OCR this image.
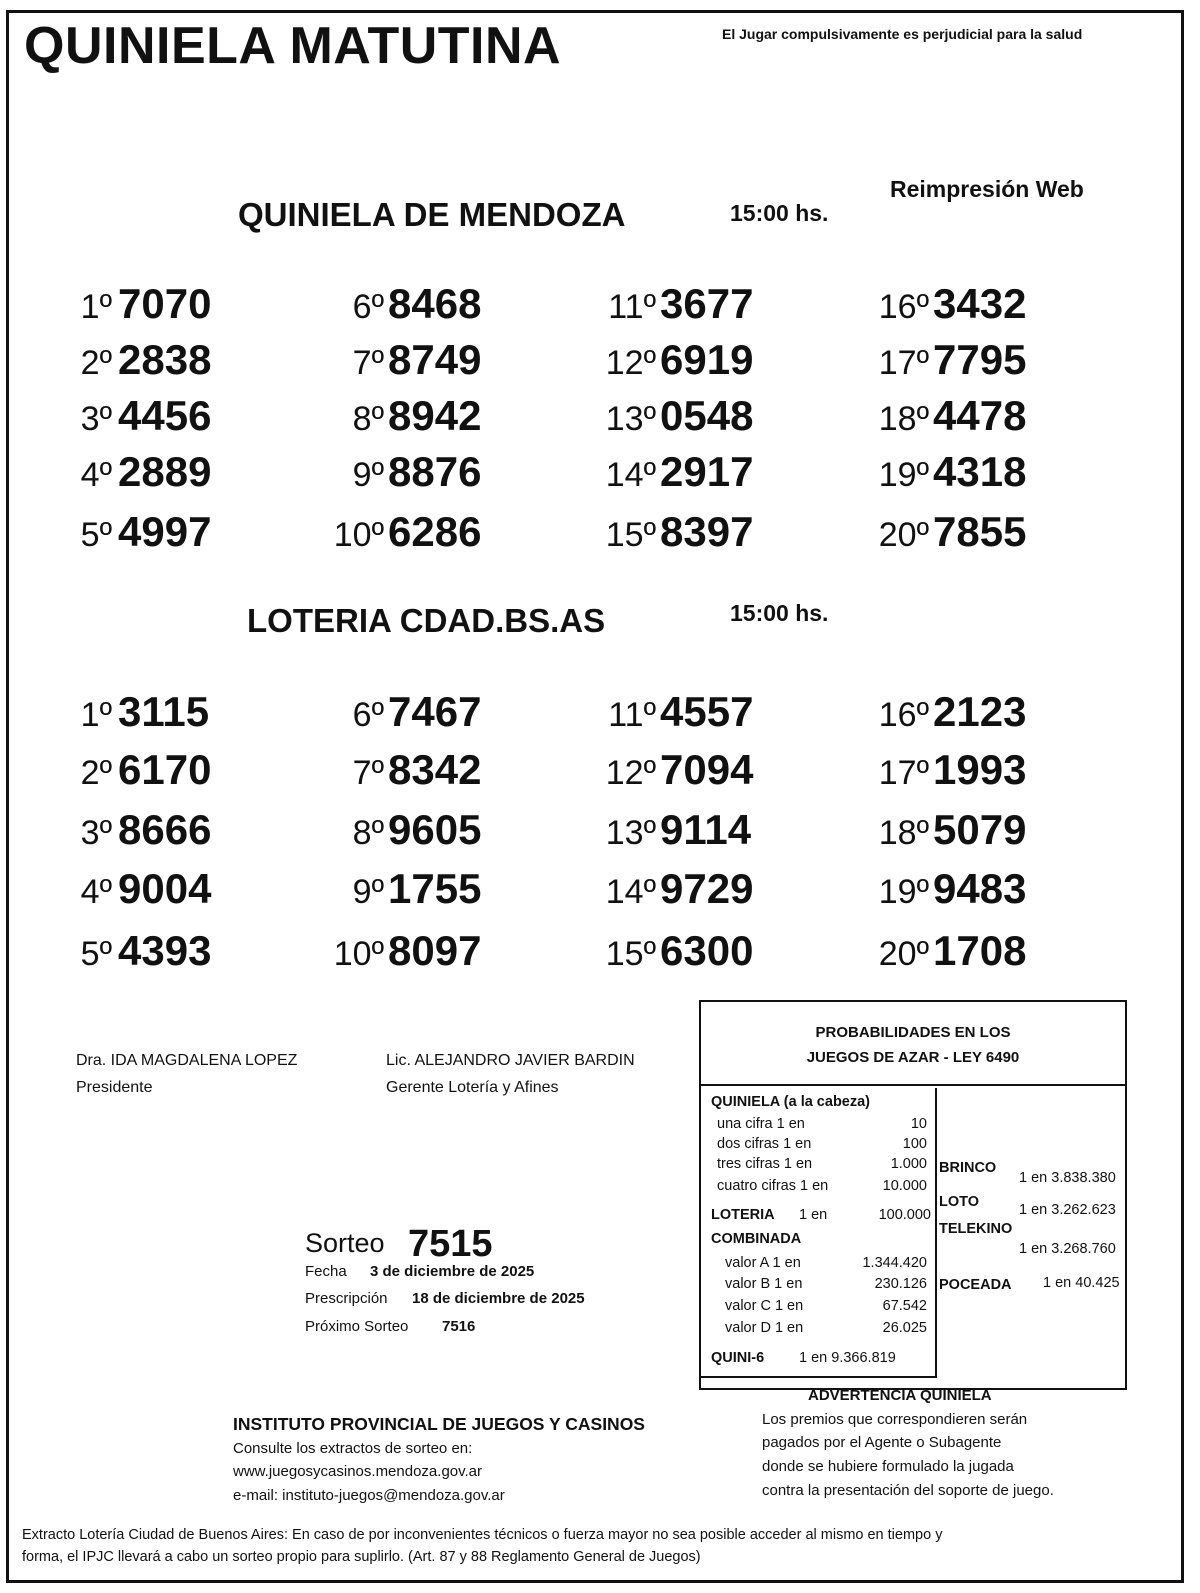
QUINIELA MATUTINA	El Jugar compulsivamente es perjudicial para la salud
Reimpresión Web
QUINIELA DE MENDOZA	15:00 hs.
1º 7070
2º 2838
3º 4456
4º 2889
5º 4997
6º 8468
7º 8749
8º 8942
9º 8876
10º 6286
11º 3677
12º 6919
13º 0548
14º 2917
15º 8397
16º 3432
17º 7795
18º 4478
19º 4318
20º 7855
LOTERIA CDAD.BS.AS	15:00 hs.
1º 3115
2º 6170
3º 8666
4º 9004
5º 4393
6º 7467
7º 8342
8º 9605
9º 1755
10º 8097
11º 4557
12º 7094
13º 9114
14º 9729
15º 6300
16º 2123
17º 1993
18º 5079
19º 9483
20º 1708
Dra. IDA MAGDALENA LOPEZ
Presidente
Lic. ALEJANDRO JAVIER BARDIN
Gerente Lotería y Afines
Sorteo 7515
Fecha 3 de diciembre de 2025
Prescripción 18 de diciembre de 2025
Próximo Sorteo 7516
PROBABILIDADES EN LOS
JUEGOS DE AZAR - LEY 6490
QUINIELA (a la cabeza)
una cifra 1 en	10
dos cifras 1 en	100
tres cifras 1 en	1.000
cuatro cifras 1 en	10.000
LOTERIA 1 en	100.000
COMBINADA
valor A 1 en	1.344.420
valor B 1 en	230.126
valor C 1 en	67.542
valor D 1 en	26.025
QUINI-6 1 en 9.366.819
BRINCO
1 en 3.838.380
LOTO	1 en 3.262.623
TELEKINO
1 en 3.268.760
POCEADA 1 en 40.425
ADVERTENCIA QUINIELA
Los premios que correspondieren serán
pagados por el Agente o Subagente
donde se hubiere formulado la jugada
contra la presentación del soporte de juego.
INSTITUTO PROVINCIAL DE JUEGOS Y CASINOS
Consulte los extractos de sorteo en:
www.juegosycasinos.mendoza.gov.ar
e-mail: instituto-juegos@mendoza.gov.ar
Extracto Lotería Ciudad de Buenos Aires: En caso de por inconvenientes técnicos o fuerza mayor no sea posible acceder al mismo en tiempo y
forma, el IPJC llevará a cabo un sorteo propio para suplirlo. (Art. 87 y 88 Reglamento General de Juegos)
